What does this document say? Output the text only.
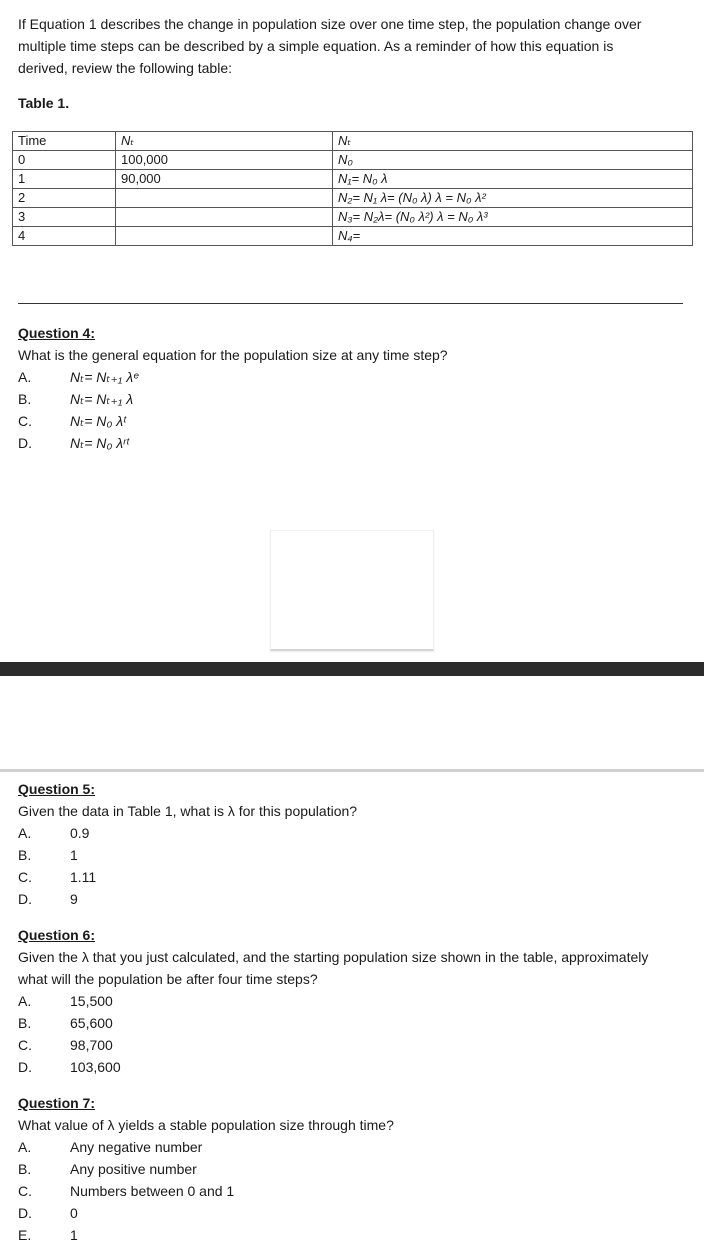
If Equation 1 describes the change in population size over one time step, the population change over

multiple time steps can be described by a simple equation. As a reminder of how this equation is

derived, review the following table:

Table 1.
Time	Nₜ	Nₜ
0	100,000	N₀
1	90,000	N₁= N₀ λ
2		N₂= N₁ λ= (N₀ λ) λ = N₀ λ²
3		N₃= N₂λ= (N₀ λ²) λ = N₀ λ³
4		N₄=

Question 4:

What is the general equation for the population size at any time step?

A.	Nₜ= Nₜ₊₁ λᵉ
B.	Nₜ= Nₜ₊₁ λ
C.	Nₜ= N₀ λᵗ
D.	Nₜ= N₀ λʳᵗ

Question 5:

Given the data in Table 1, what is λ for this population?

A.	0.9
B.	1
C.	1.11
D.	9

Question 6:

Given the λ that you just calculated, and the starting population size shown in the table, approximately

what will the population be after four time steps?

A.	15,500
B.	65,600
C.	98,700
D.	103,600

Question 7:

What value of λ yields a stable population size through time?

A.	Any negative number
B.	Any positive number
C.	Numbers between 0 and 1
D.	0
E.	1
